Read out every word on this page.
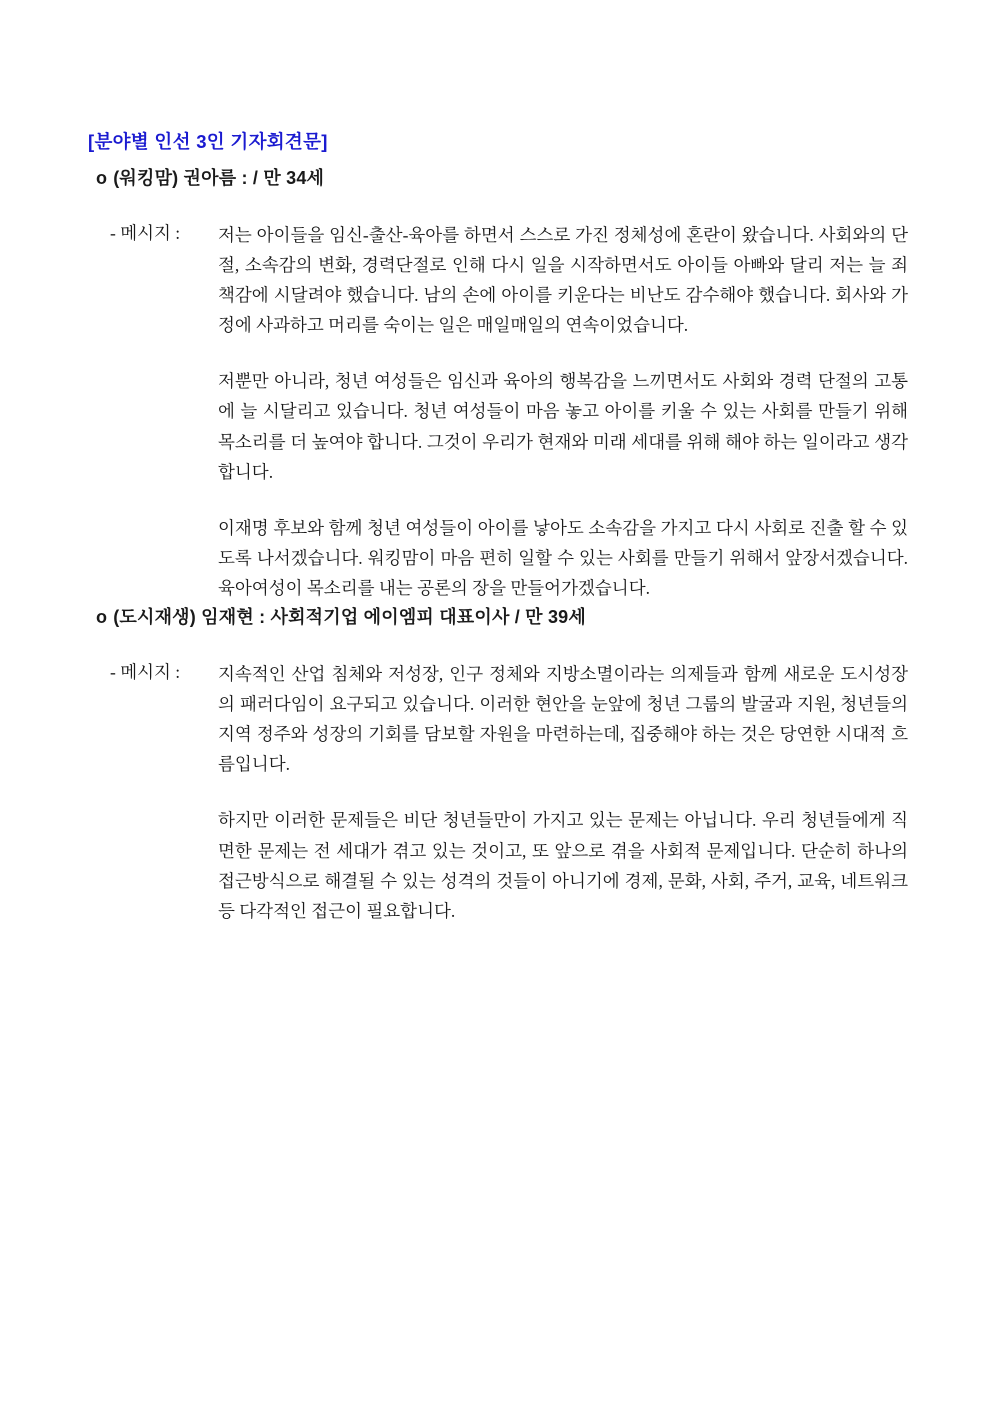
[분야별 인선 3인 기자회견문]
o (워킹맘) 권아름 : / 만 34세
- 메시지 :	저는 아이들을 임신-출산-육아를 하면서 스스로 가진 정체성에 혼란이 왔습니다. 사회와의 단절, 소속감의 변화, 경력단절로 인해 다시 일을 시작하면서도 아이들 아빠와 달리 저는 늘 죄책감에 시달려야 했습니다. 남의 손에 아이를 키운다는 비난도 감수해야 했습니다. 회사와 가정에 사과하고 머리를 숙이는 일은 매일매일의 연속이었습니다.

저뿐만 아니라, 청년 여성들은 임신과 육아의 행복감을 느끼면서도 사회와 경력 단절의 고통에 늘 시달리고 있습니다. 청년 여성들이 마음 놓고 아이를 키울 수 있는 사회를 만들기 위해 목소리를 더 높여야 합니다. 그것이 우리가 현재와 미래 세대를 위해 해야 하는 일이라고 생각합니다.

이재명 후보와 함께 청년 여성들이 아이를 낳아도 소속감을 가지고 다시 사회로 진출 할 수 있도록 나서겠습니다. 워킹맘이 마음 편히 일할 수 있는 사회를 만들기 위해서 앞장서겠습니다. 육아여성이 목소리를 내는 공론의 장을 만들어가겠습니다.

o (도시재생) 임재현 : 사회적기업 에이엠피 대표이사 / 만 39세
- 메시지 :	지속적인 산업 침체와 저성장, 인구 정체와 지방소멸이라는 의제들과 함께 새로운 도시성장의 패러다임이 요구되고 있습니다. 이러한 현안을 눈앞에 청년 그룹의 발굴과 지원, 청년들의 지역 정주와 성장의 기회를 담보할 자원을 마련하는데, 집중해야 하는 것은 당연한 시대적 흐름입니다.

하지만 이러한 문제들은 비단 청년들만이 가지고 있는 문제는 아닙니다. 우리 청년들에게 직면한 문제는 전 세대가 겪고 있는 것이고, 또 앞으로 겪을 사회적 문제입니다. 단순히 하나의 접근방식으로 해결될 수 있는 성격의 것들이 아니기에 경제, 문화, 사회, 주거, 교육, 네트워크 등 다각적인 접근이 필요합니다.
